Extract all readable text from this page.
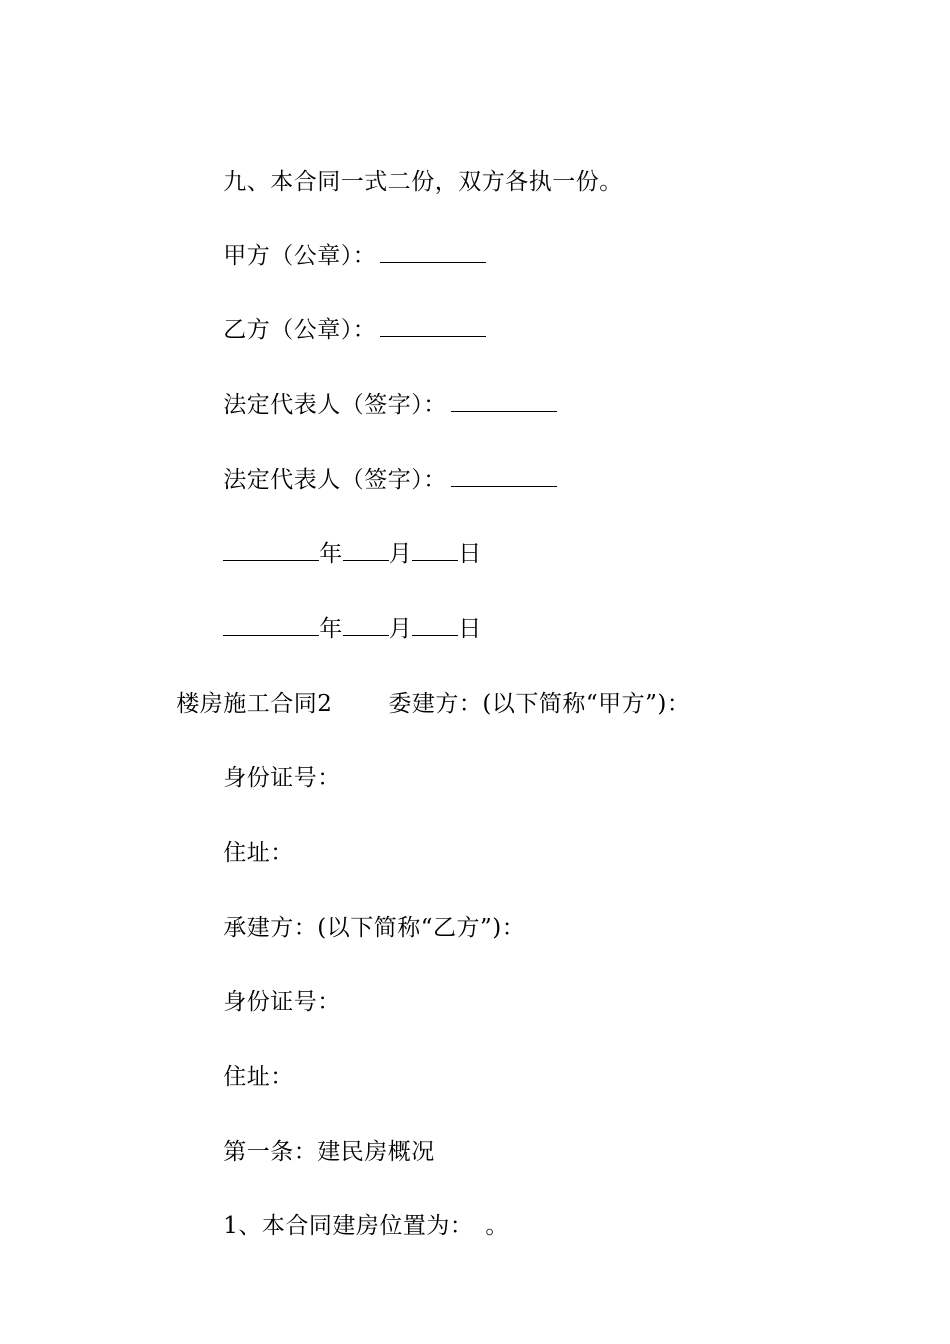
九、本合同一式二份，双方各执一份。

甲方（公章）：

乙方（公章）：

法定代表人（签字）：

法定代表人（签字）：

年 月 日

年 月 日

楼房施工合同2 委建方：(以下简称“甲方”)：

身份证号：

住址：

承建方：(以下简称“乙方”)：

身份证号：

住址：

第一条：建民房概况

1、本合同建房位置为：　。
